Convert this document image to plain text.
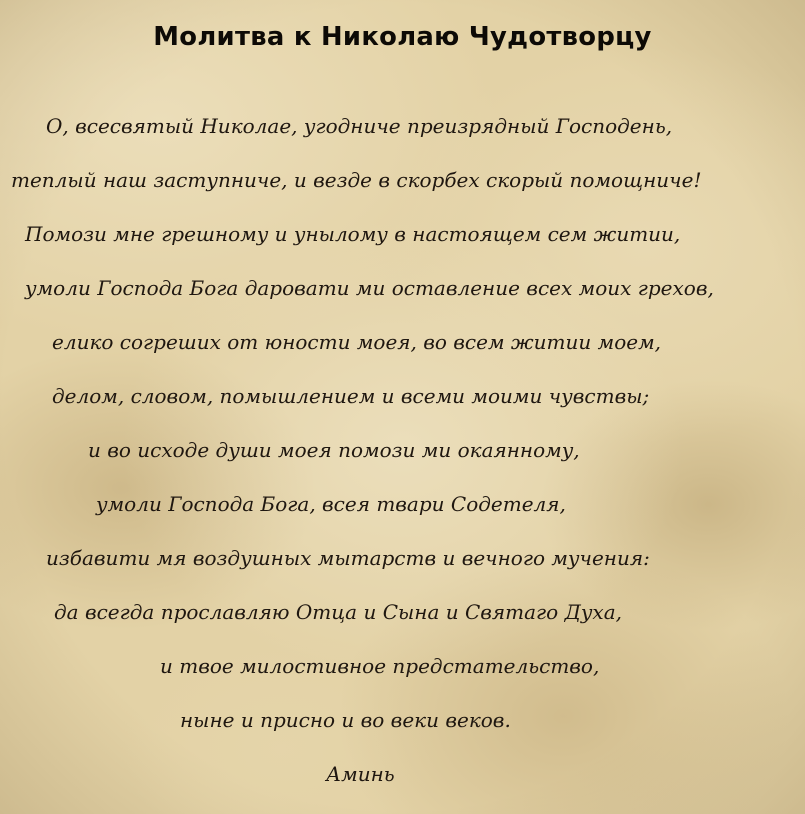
Молитва к Николаю Чудотворцу
О, всесвятый Николае, угодниче преизрядный Господень,
теплый наш заступниче, и везде в скорбех скорый помощниче!
Помози мне грешному и унылому в настоящем сем житии,
умоли Господа Бога даровати ми оставление всех моих грехов,
елико согреших от юности моея, во всем житии моем,
делом, словом, помышлением и всеми моими чувствы;
и во исходе души моея помози ми окаянному,
умоли Господа Бога, всея твари Содетеля,
избавити мя воздушных мытарств и вечного мучения:
да всегда прославляю Отца и Сына и Святаго Духа,
и твое милостивное предстательство,
ныне и присно и во веки веков.
Аминь
